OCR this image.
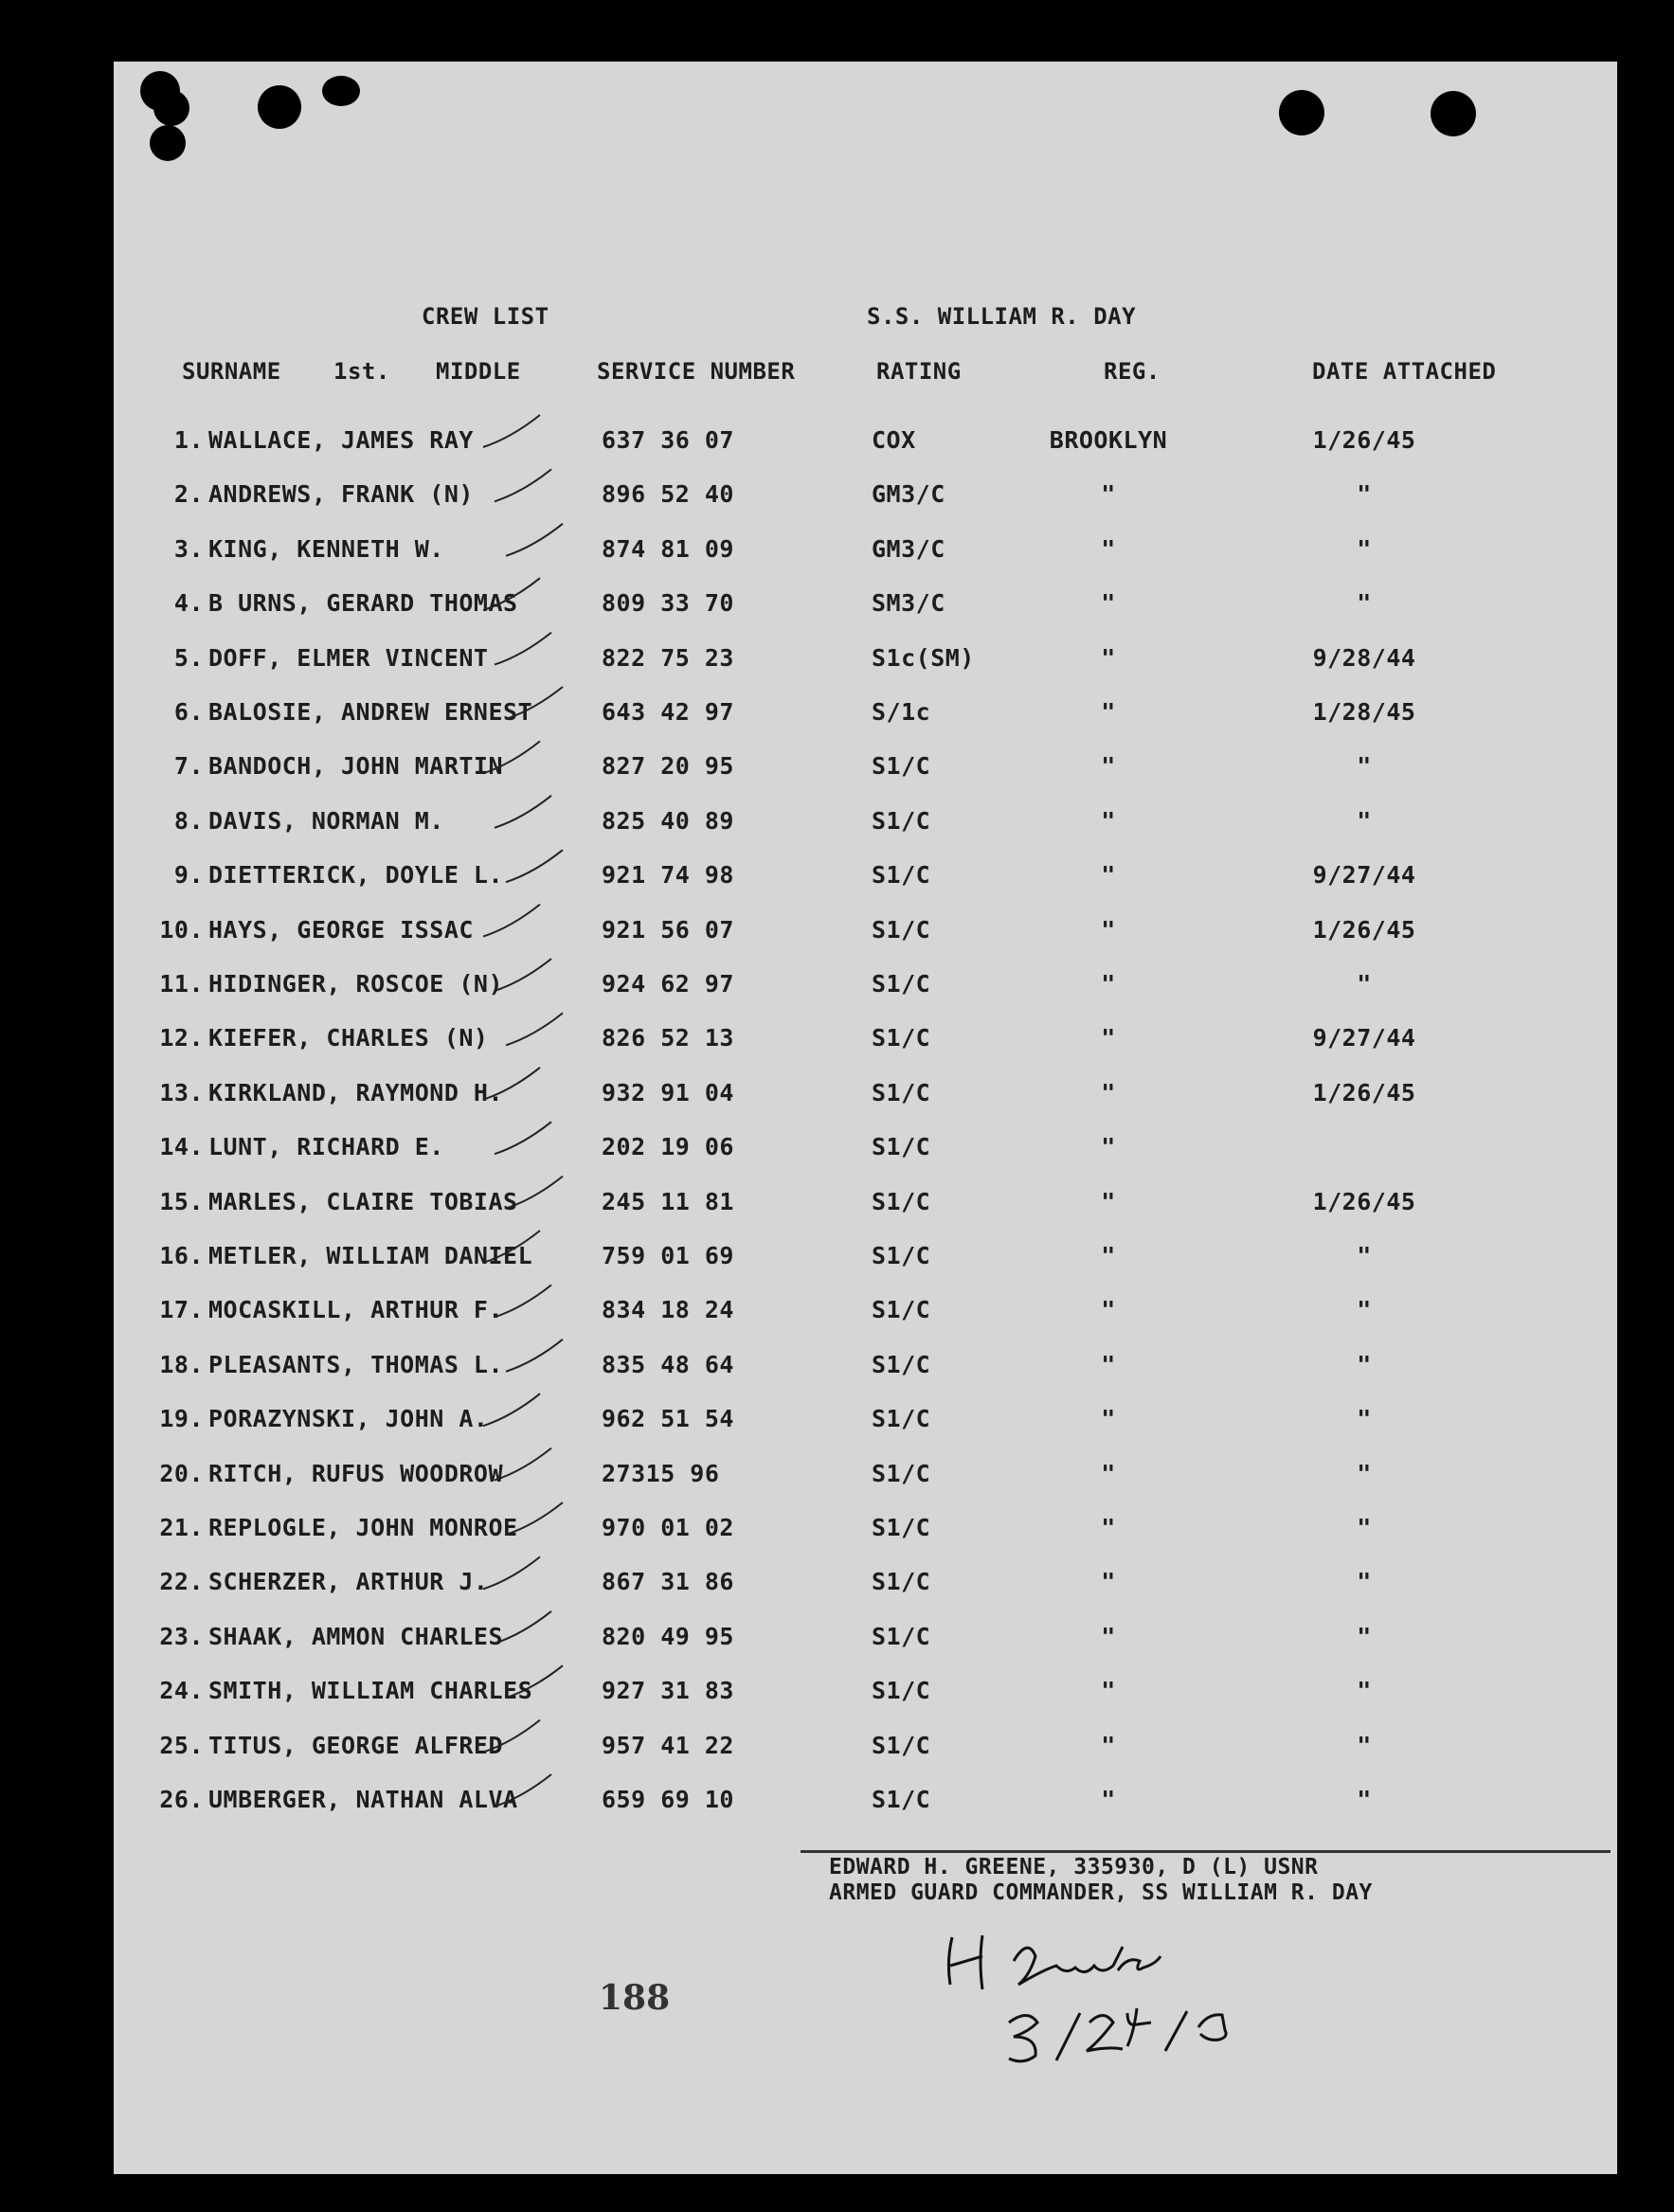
CREW LIST	S.S. WILLIAM R. DAY
SURNAME 1st. MIDDLE	SERVICE NUMBER	RATING	REG.	DATE ATTACHED
1. WALLACE, JAMES RAY	637 36 07	COX	BROOKLYN	1/26/45
2. ANDREWS, FRANK (N)	896 52 40	GM3/C	"	"
3. KING, KENNETH W.	874 81 09	GM3/C	"	"
4. B URNS, GERARD THOMAS	809 33 70	SM3/C	"	"
5. DOFF, ELMER VINCENT	822 75 23	S1c(SM)	"	9/28/44
6. BALOSIE, ANDREW ERNEST	643 42 97	S/1c	"	1/28/45
7. BANDOCH, JOHN MARTIN	827 20 95	S1/C	"	"
8. DAVIS, NORMAN M.	825 40 89	S1/C	"	"
9. DIETTERICK, DOYLE L.	921 74 98	S1/C	"	9/27/44
10. HAYS, GEORGE ISSAC	921 56 07	S1/C	"	1/26/45
11. HIDINGER, ROSCOE (N)	924 62 97	S1/C	"	"
12. KIEFER, CHARLES (N)	826 52 13	S1/C	"	9/27/44
13. KIRKLAND, RAYMOND H.	932 91 04	S1/C	"	1/26/45
14. LUNT, RICHARD E.	202 19 06	S1/C	"
15. MARLES, CLAIRE TOBIAS	245 11 81	S1/C	"	1/26/45
16. METLER, WILLIAM DANIEL	759 01 69	S1/C	"	"
17. MOCASKILL, ARTHUR F.	834 18 24	S1/C	"	"
18. PLEASANTS, THOMAS L.	835 48 64	S1/C	"	"
19. PORAZYNSKI, JOHN A.	962 51 54	S1/C	"	"
20. RITCH, RUFUS WOODROW	27315 96	S1/C	"	"
21. REPLOGLE, JOHN MONROE	970 01 02	S1/C	"	"
22. SCHERZER, ARTHUR J.	867 31 86	S1/C	"	"
23. SHAAK, AMMON CHARLES	820 49 95	S1/C	"	"
24. SMITH, WILLIAM CHARLES	927 31 83	S1/C	"	"
25. TITUS, GEORGE ALFRED	957 41 22	S1/C	"	"
26. UMBERGER, NATHAN ALVA	659 69 10	S1/C	"	"
EDWARD H. GREENE, 335930, D (L) USNR
ARMED GUARD COMMANDER, SS WILLIAM R. DAY
3/25/45
188
